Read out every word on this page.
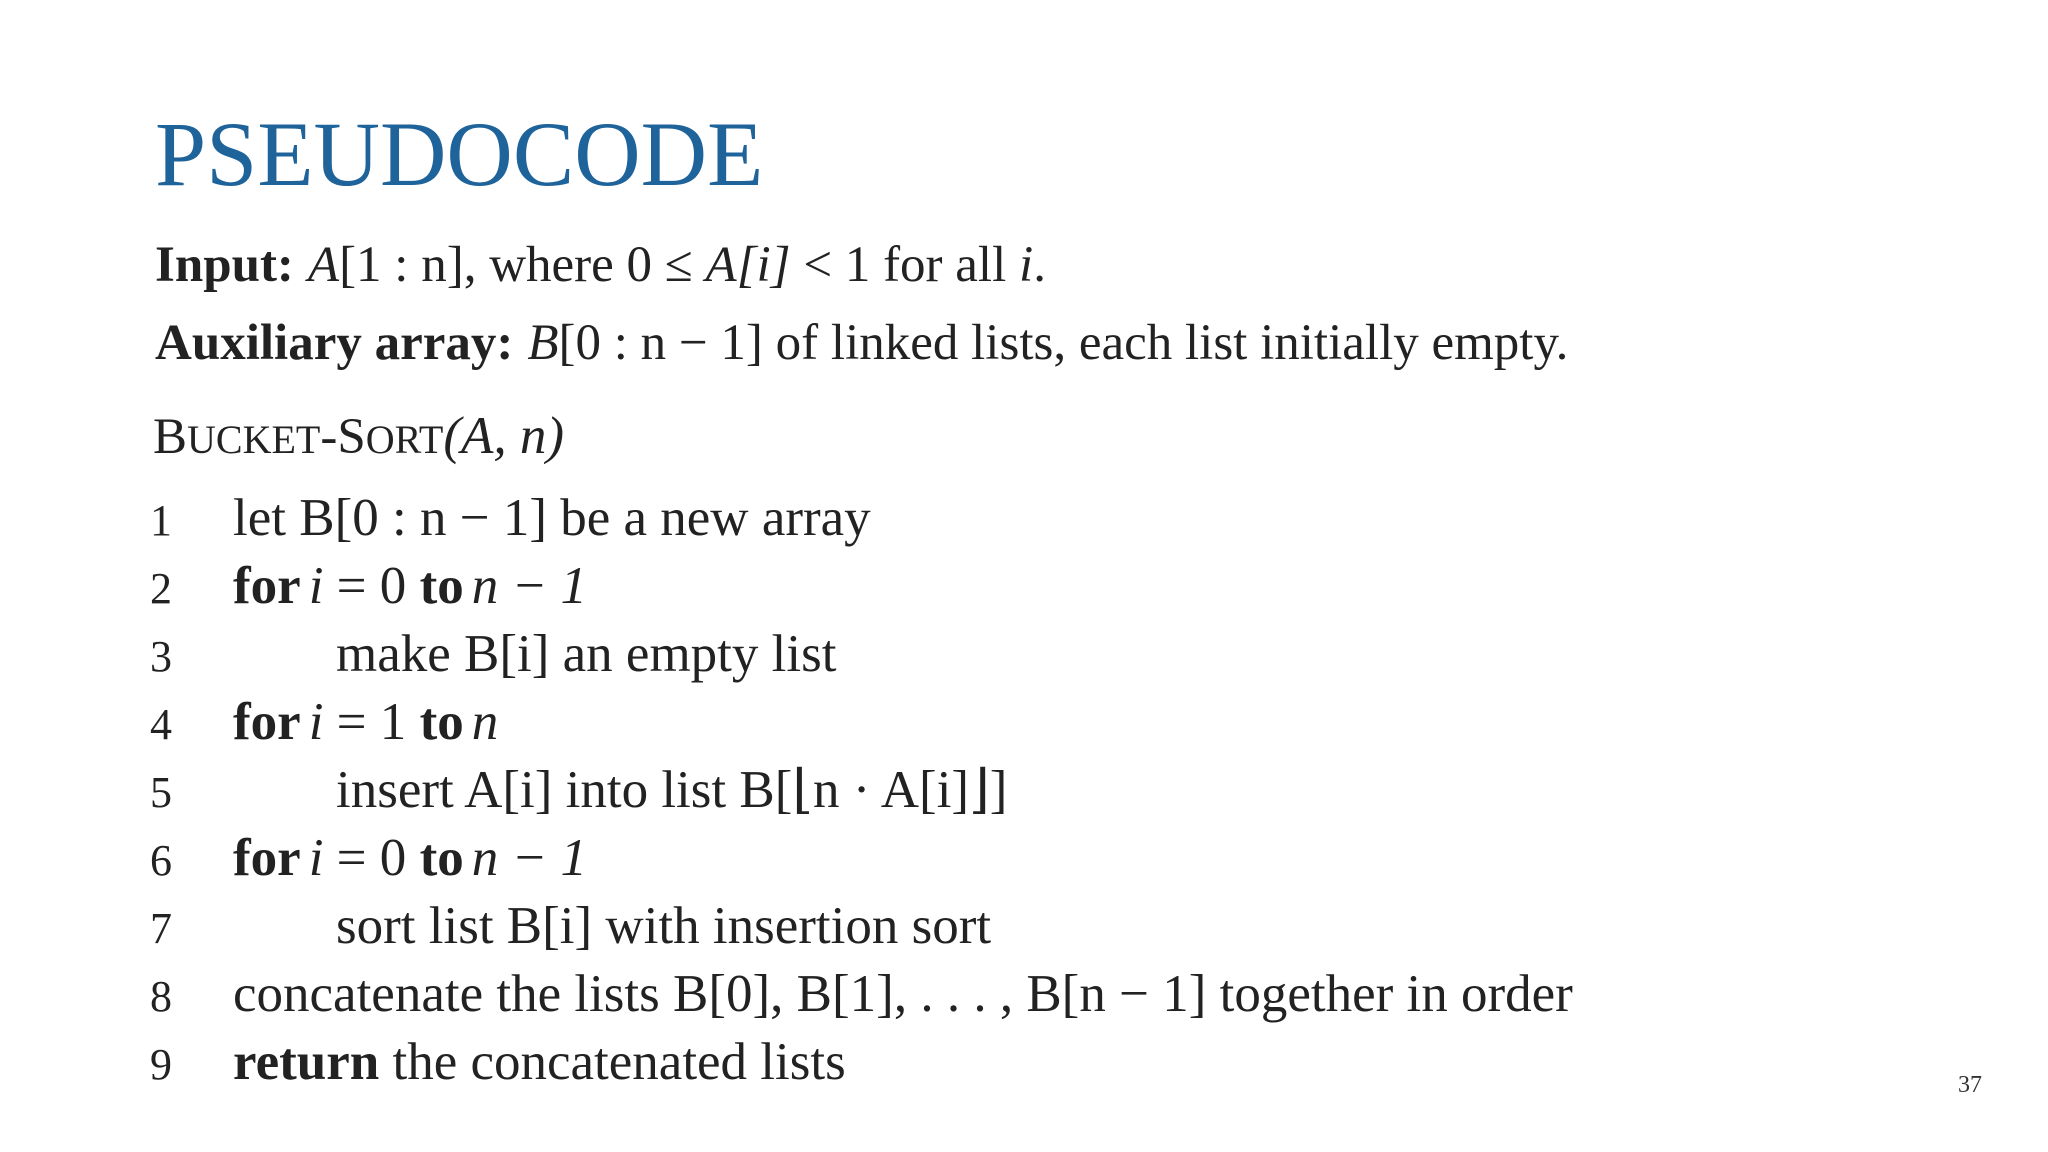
PSEUDOCODE
Input: A[1 : n], where 0 ≤ A[i] < 1 for all i.
Auxiliary array: B[0 : n − 1] of linked lists, each list initially empty.
BUCKET-SORT(A, n)
1 let B[0 : n − 1] be a new array
2 for i = 0 to n − 1
3	make B[i] an empty list
4 for i = 1 to n
5	insert A[i] into list B[⌊n · A[i]⌋]
6 for i = 0 to n − 1
7	sort list B[i] with insertion sort
8 concatenate the lists B[0], B[1], . . . , B[n − 1] together in order
9 return the concatenated lists	37
